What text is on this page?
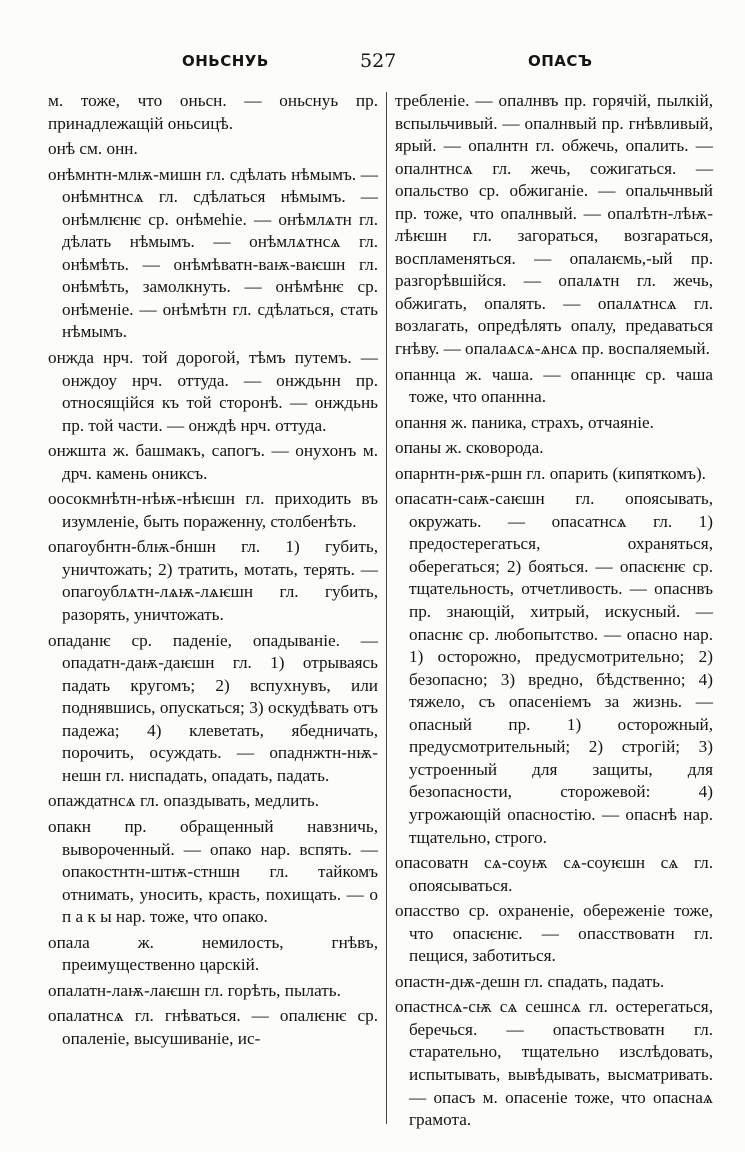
ОНЬСНУЬ	527	ОПАСЪ

м. тоже, что оньсн. — оньснуь пр. принадлежащій оньсицѣ.

онѣ см. онн.

онѣмнтн-млѭ-мишн гл. сдѣлать нѣмымъ. — онѣмнтнсѧ гл. сдѣлаться нѣмымъ. — онѣмлѥнѥ ср. онѣмеhie. — онѣмлѧтн гл. дѣлать нѣмымъ. — онѣмлѧтнсѧ гл. онѣмѣть. — онѣмѣватн-ваѭ-ваѥшн гл. онѣмѣть, замолкнуть. — онѣмѣнѥ ср. онѣменіе. — онѣмѣтн гл. сдѣлаться, стать нѣмымъ.

онжда нрч. той дорогой, тѣмъ путемъ. — онждоу нрч. оттуда. — онждьнн пр. относящійся къ той сторонѣ. — онждьнь пр. той части. — онждѣ нрч. оттуда.

онжшта ж. башмакъ, сапогъ. — онухонъ м. дрч. камень ониксъ.

оосокмнѣтн-нѣѭ-нѣѥшн гл. приходить въ изумленіе, быть пораженну, столбенѣть.

опагоубнтн-блѭ-бншн гл. 1) губить, уничтожать; 2) тратить, мотать, терять. — опагоублѧтн-лѧѭ-лѧѥшн гл. губить, разорять, уничтожать.

опаданѥ ср. паденіе, опадываніе. — опадатн-даѭ-даѥшн гл. 1) отрываясь падать кругомъ; 2) вспухнувъ, или поднявшись, опускаться; 3) оскудѣвать отъ падежа; 4) клеветать, ябедничать, порочить, осуждать. — опаднжтн-нѭ-нешн гл. ниспадать, опадать, падать.

опаждатнсѧ гл. опаздывать, медлить.

опакн пр. обращенный навзничь, вывороченный. — опако нар. вспять. — опакостнтн-штѭ-стншн гл. тайкомъ отнимать, уносить, красть, похищать. — о п а к ы нар. тоже, что опако.

опала ж. немилость, гнѣвъ, преимущественно царскій.

опалатн-лаѭ-лаѥшн гл. горѣть, пылать.

опалатнсѧ гл. гнѣваться. — опалѥнѥ ср. опаленіе, высушиваніе, ис-

требленіе. — опалнвъ пр. горячій, пылкій, вспыльчивый. — опалнвый пр. гнѣвливый, ярый. — опалнтн гл. обжечь, опалить. — опалнтнсѧ гл. жечь, сожигаться. — опальство ср. обжиганіе. — опальчнвый пр. тоже, что опалнвый. — опалѣтн-лѣѭ-лѣѥшн гл. загораться, возгараться, воспламеняться. — опалаѥмь,-ый пр. разгорѣвшійся. — опалѧтн гл. жечь, обжигать, опалять. — опалѧтнсѧ гл. возлагать, опредѣлять опалу, предаваться гнѣву. — опалаѧсѧ-ѧнсѧ пр. воспаляемый.

опаннца ж. чаша. — опаннцѥ ср. чаша тоже, что опаннна.

опання ж. паника, страхъ, отчаяніе.

опаны ж. сковорода.

опарнтн-рѭ-ршн гл. опарить (кипяткомъ).

опасатн-саѭ-саѥшн гл. опоясывать, окружать. — опасатнсѧ гл. 1) предостерегаться, охраняться, оберегаться; 2) бояться. — опасѥнѥ ср. тщательность, отчетливость. — опаснвъ пр. знающій, хитрый, искусный. — опаснѥ ср. любопытство. — опасно нар. 1) осторожно, предусмотрительно; 2) безопасно; 3) вредно, бѣдственно; 4) тяжело, съ опасеніемъ за жизнь. — опасный пр. 1) осторожный, предусмотрительный; 2) строгій; 3) устроенный для защиты, для безопасности, сторожевой: 4) угрожающій опасностію. — опаснѣ нар. тщательно, строго.

опасоватн сѧ-соуѭ сѧ-соуѥшн сѧ гл. опоясываться.

опасство ср. охраненіе, обереженіе тоже, что опасѥнѥ. — опасствоватн гл. пещися, заботиться.

опастн-дѭ-дешн гл. спадать, падать.

опастнсѧ-сѭ сѧ сешнсѧ гл. остерегаться, беречься. — опастьствоватн гл. старательно, тщательно изслѣдовать, испытывать, вывѣдывать, высматривать. — опасъ м. опасеніе тоже, что опаснаѧ грамота.
